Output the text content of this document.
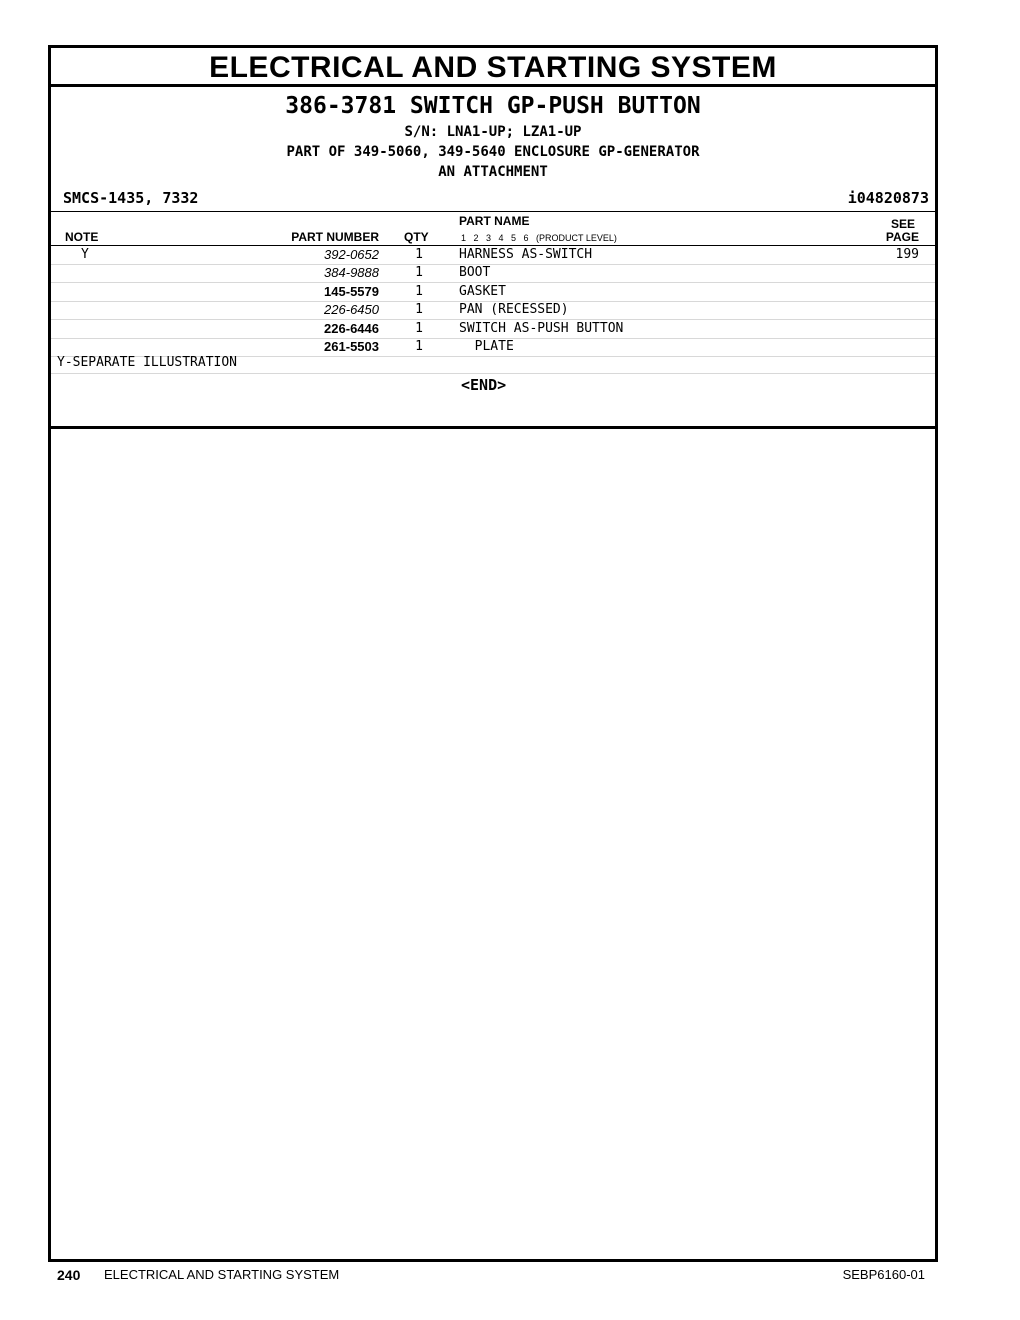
ELECTRICAL AND STARTING SYSTEM
386-3781 SWITCH GP-PUSH BUTTON
S/N: LNA1-UP; LZA1-UP
PART OF 349-5060, 349-5640 ENCLOSURE GP-GENERATOR
AN ATTACHMENT
SMCS-1435, 7332	i04820873
PART NAME	SEE
NOTE	PART NUMBER QTY	1   2   3   4   5   6   (PRODUCT LEVEL)	PAGE
Y	392-0652	1	HARNESS AS-SWITCH	199
384-9888	1	BOOT
145-5579	1	GASKET
226-6450	1	PAN (RECESSED)
226-6446	1	SWITCH AS-PUSH BUTTON
261-5503	1	PLATE
Y-SEPARATE ILLUSTRATION
<END>
240 ELECTRICAL AND STARTING SYSTEM	SEBP6160-01
